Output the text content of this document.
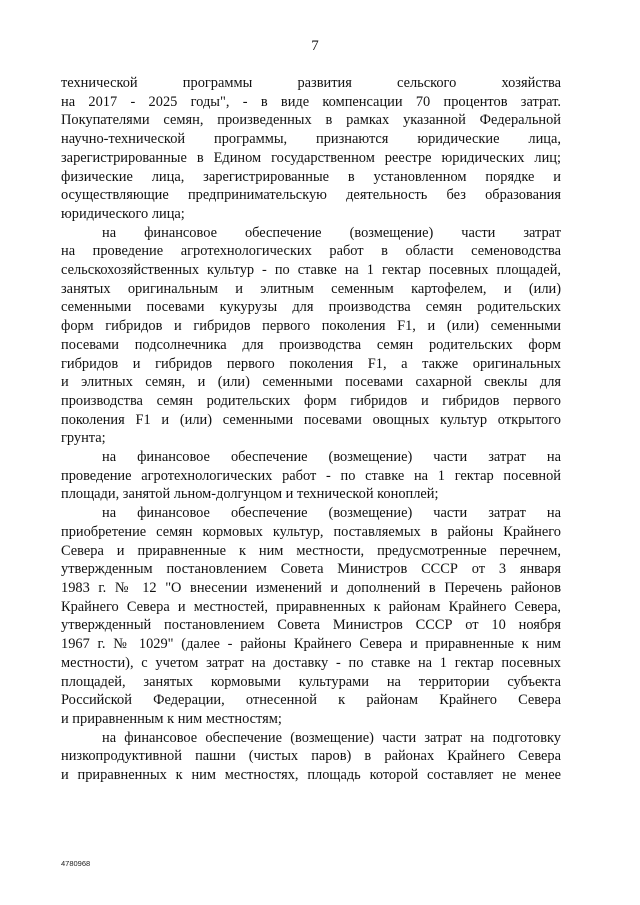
7

технической программы развития сельского хозяйства

на 2017 - 2025 годы", - в виде компенсации 70 процентов затрат.

Покупателями семян, произведенных в рамках указанной Федеральной

научно-технической программы, признаются юридические лица,

зарегистрированные в Едином государственном реестре юридических лиц;

физические лица, зарегистрированные в установленном порядке и

осуществляющие предпринимательскую деятельность без образования

юридического лица;

на финансовое обеспечение (возмещение) части затрат

на проведение агротехнологических работ в области семеноводства

сельскохозяйственных культур - по ставке на 1 гектар посевных площадей,

занятых оригинальным и элитным семенным картофелем, и (или)

семенными посевами кукурузы для производства семян родительских

форм гибридов и гибридов первого поколения F1, и (или) семенными

посевами подсолнечника для производства семян родительских форм

гибридов и гибридов первого поколения F1, а также оригинальных

и элитных семян, и (или) семенными посевами сахарной свеклы для

производства семян родительских форм гибридов и гибридов первого

поколения F1 и (или) семенными посевами овощных культур открытого

грунта;

на финансовое обеспечение (возмещение) части затрат на

проведение агротехнологических работ - по ставке на 1 гектар посевной

площади, занятой льном-долгунцом и технической коноплей;

на финансовое обеспечение (возмещение) части затрат на

приобретение семян кормовых культур, поставляемых в районы Крайнего

Севера и приравненные к ним местности, предусмотренные перечнем,

утвержденным постановлением Совета Министров СССР от 3 января

1983 г. № 12 "О внесении изменений и дополнений в Перечень районов

Крайнего Севера и местностей, приравненных к районам Крайнего Севера,

утвержденный постановлением Совета Министров СССР от 10 ноября

1967 г. № 1029" (далее - районы Крайнего Севера и приравненные к ним

местности), с учетом затрат на доставку - по ставке на 1 гектар посевных

площадей, занятых кормовыми культурами на территории субъекта

Российской Федерации, отнесенной к районам Крайнего Севера

и приравненным к ним местностям;

на финансовое обеспечение (возмещение) части затрат на подготовку

низкопродуктивной пашни (чистых паров) в районах Крайнего Севера

и приравненных к ним местностях, площадь которой составляет не менее

4780968
